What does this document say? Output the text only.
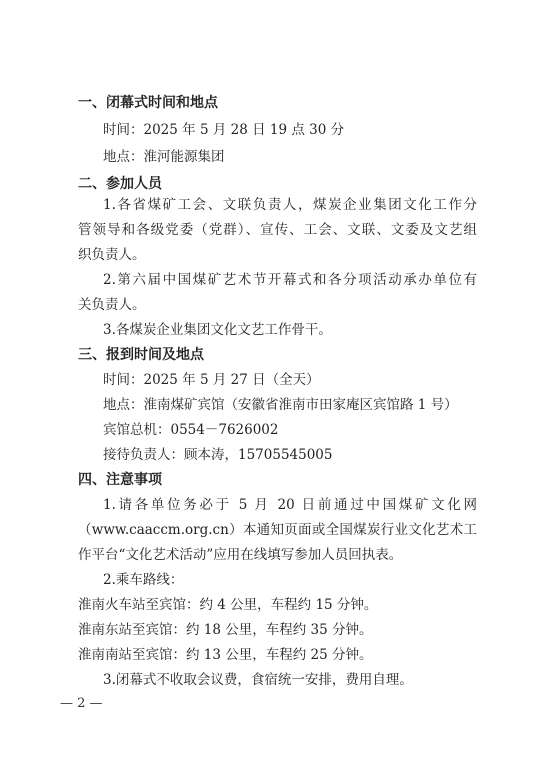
一、闭幕式时间和地点
时间：2025 年 5 月 28 日 19 点 30 分
地点：淮河能源集团
二、参加人员
1.各省煤矿工会、文联负责人，煤炭企业集团文化工作分
管领导和各级党委（党群）、宣传、工会、文联、文委及文艺组
织负责人。
2.第六届中国煤矿艺术节开幕式和各分项活动承办单位有
关负责人。
3.各煤炭企业集团文化文艺工作骨干。
三、报到时间及地点
时间：2025 年 5 月 27 日（全天）
地点：淮南煤矿宾馆（安徽省淮南市田家庵区宾馆路 1 号）
宾馆总机：0554－7626002
接待负责人：顾本涛，15705545005
四、注意事项
1.请各单位务必于 5 月 20 日前通过中国煤矿文化网
（www.caaccm.org.cn）本通知页面或全国煤炭行业文化艺术工
作平台“文化艺术活动”应用在线填写参加人员回执表。
2.乘车路线：
淮南火车站至宾馆：约 4 公里，车程约 15 分钟。
淮南东站至宾馆：约 18 公里，车程约 35 分钟。
淮南南站至宾馆：约 13 公里，车程约 25 分钟。
3.闭幕式不收取会议费，食宿统一安排，费用自理。
— 2 —
